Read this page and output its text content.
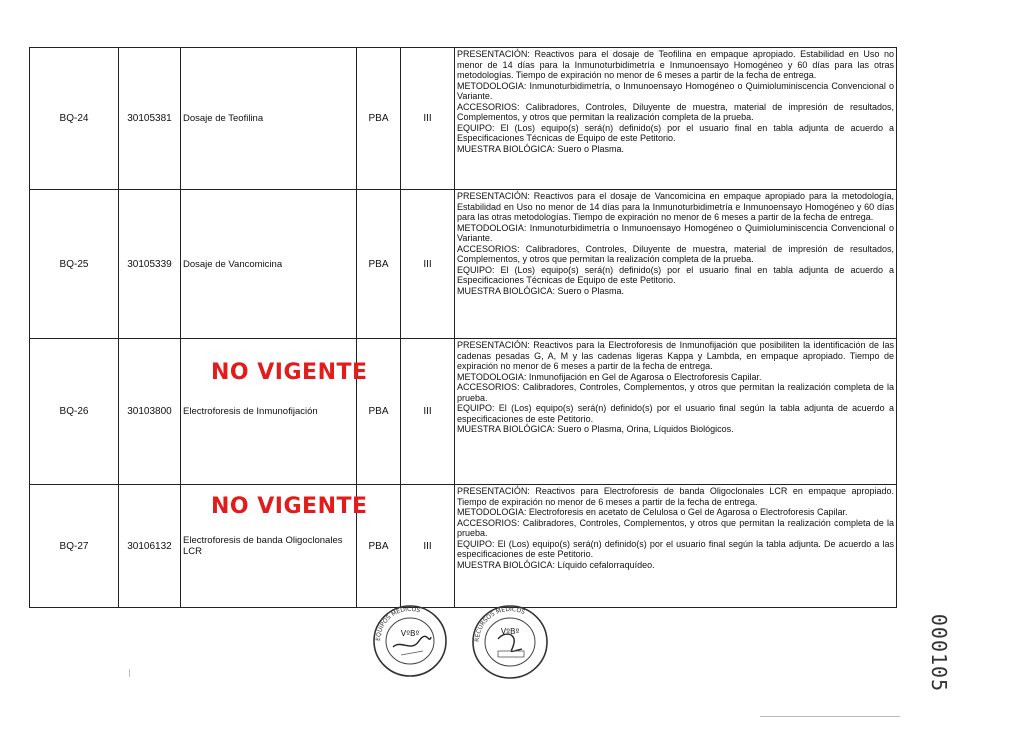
BQ-24	30105381	Dosaje de Teofilina	PBA	III	PRESENTACIÓN: Reactivos para el dosaje de Teofilina en empaque apropiado. Estabilidad en Uso no menor de 14 días para la Inmunoturbidimetría e Inmunoensayo Homogéneo y 60 días para las otras metodologías. Tiempo de expiración no menor de 6 meses a partir de la fecha de entrega.

METODOLOGIA: Inmunoturbidimetría, o Inmunoensayo Homogéneo o Quimioluminiscencia Convencional o Variante.

ACCESORIOS: Calibradores, Controles, Diluyente de muestra, material de impresión de resultados, Complementos, y otros que permitan la realización completa de la prueba.

EQUIPO: El (Los) equipo(s) será(n) definido(s) por el usuario final en tabla adjunta de acuerdo a Especificaciones Técnicas de Equipo de este Petitorio.

MUESTRA BIOLÓGICA: Suero o Plasma.

BQ-25	30105339	Dosaje de Vancomicina	PBA	III	PRESENTACIÓN: Reactivos para el dosaje de Vancomicina en empaque apropiado para la metodología, Estabilidad en Uso no menor de 14 días para la Inmunoturbidimetría e Inmunoensayo Homogéneo y 60 días para las otras metodologías. Tiempo de expiración no menor de 6 meses a partir de la fecha de entrega.

METODOLOGIA: Inmunoturbidimetría o Inmunoensayo Homogéneo o Quimioluminiscencia Convencional o Variante.

ACCESORIOS: Calibradores, Controles, Diluyente de muestra, material de impresión de resultados, Complementos, y otros que permitan la realización completa de la prueba.

EQUIPO: El (Los) equipo(s) será(n) definido(s) por el usuario final en tabla adjunta de acuerdo a Especificaciones Técnicas de Equipo de este Petitorio.

MUESTRA BIOLÓGICA: Suero o Plasma.

BQ-26	30103800	Electroforesis de Inmunofijación	PBA	III	PRESENTACIÓN: Reactivos para la Electroforesis de Inmunofijación que posibiliten la identificación de las cadenas pesadas G, A, M y las cadenas ligeras Kappa y Lambda, en empaque apropiado. Tiempo de expiración no menor de 6 meses a partir de la fecha de entrega.

METODOLOGIA: Inmunofijación en Gel de Agarosa o Electroforesis Capilar.

ACCESORIOS: Calibradores, Controles, Complementos, y otros que permitan la realización completa de la prueba.

EQUIPO: El (Los) equipo(s) será(n) definido(s) por el usuario final según la tabla adjunta de acuerdo a especificaciones de este Petitorio.

MUESTRA BIOLÓGICA: Suero o Plasma, Orina, Líquidos Biológicos.

BQ-27	30106132	Electroforesis de banda Oligoclonales LCR	PBA	III	PRESENTACIÓN: Reactivos para Electroforesis de banda Oligoclonales LCR en empaque apropiado. Tiempo de expiración no menor de 6 meses a partir de la fecha de entrega.

METODOLOGIA: Electroforesis en acetato de Celulosa o Gel de Agarosa o Electroforesis Capilar.

ACCESORIOS: Calibradores, Controles, Complementos, y otros que permitan la realización completa de la prueba.

EQUIPO: El (Los) equipo(s) será(n) definido(s) por el usuario final según la tabla adjunta. De acuerdo a las especificaciones de este Petitorio.

MUESTRA BIOLÓGICA: Líquido cefalorraquídeo.

NO VIGENTE
NO VIGENTE
EQUIPOS MEDICOS
VºBº
RECURSOS MEDICOS
VºBº	000105
